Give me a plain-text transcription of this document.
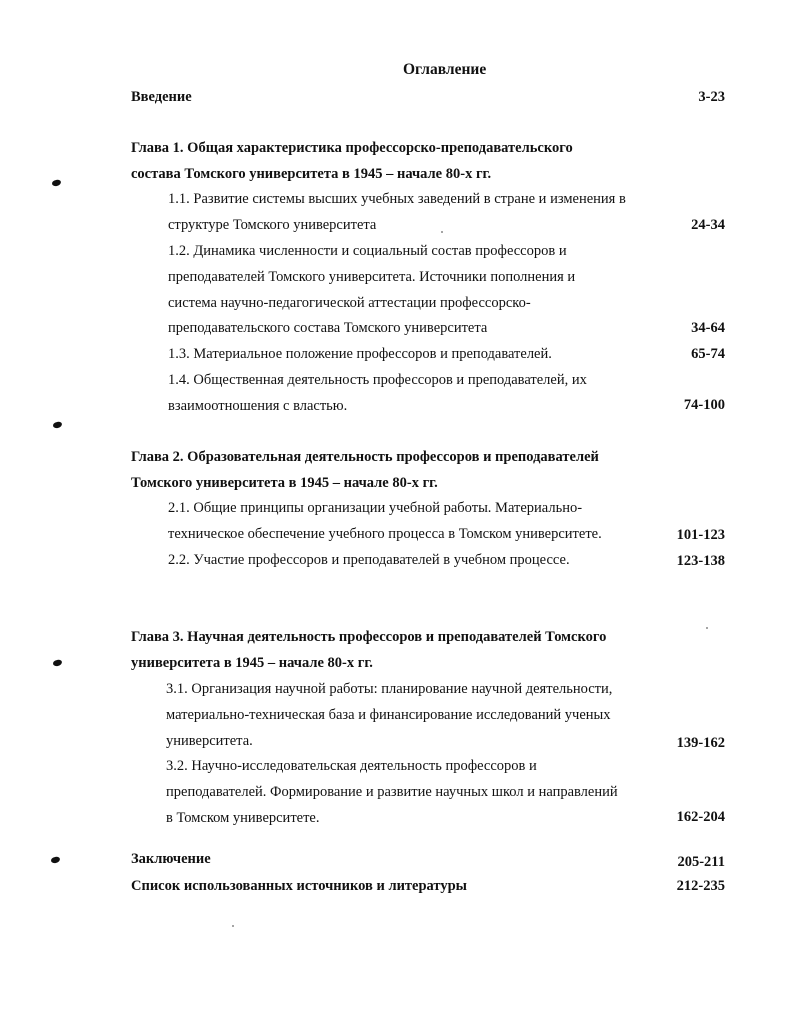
Оглавление
Введение	3-23
Глава 1. Общая характеристика профессорско-преподавательского
состава Томского университета в 1945 – начале 80-х гг.
1.1. Развитие системы высших учебных заведений в стране и изменения в
структуре Томского университета	24-34
1.2. Динамика численности и социальный состав профессоров и
преподавателей Томского университета. Источники пополнения и
система научно-педагогической аттестации профессорско-
преподавательского состава Томского университета	34-64
1.3. Материальное положение профессоров и преподавателей.	65-74
1.4. Общественная деятельность профессоров и преподавателей, их
взаимоотношения с властью.	74-100
Глава 2. Образовательная деятельность профессоров и преподавателей
Томского университета в 1945 – начале 80-х гг.
2.1. Общие принципы организации учебной работы. Материально-
техническое обеспечение учебного процесса в Томском университете.	101-123
2.2. Участие профессоров и преподавателей в учебном процессе.	123-138
Глава 3. Научная деятельность профессоров и преподавателей Томского
университета в 1945 – начале 80-х гг.
3.1. Организация научной работы: планирование научной деятельности,
материально-техническая база и финансирование исследований ученых
университета.	139-162
3.2. Научно-исследовательская деятельность профессоров и
преподавателей. Формирование и развитие научных школ и направлений
в Томском университете.	162-204
Заключение	205-211
Список использованных источников и литературы	212-235
